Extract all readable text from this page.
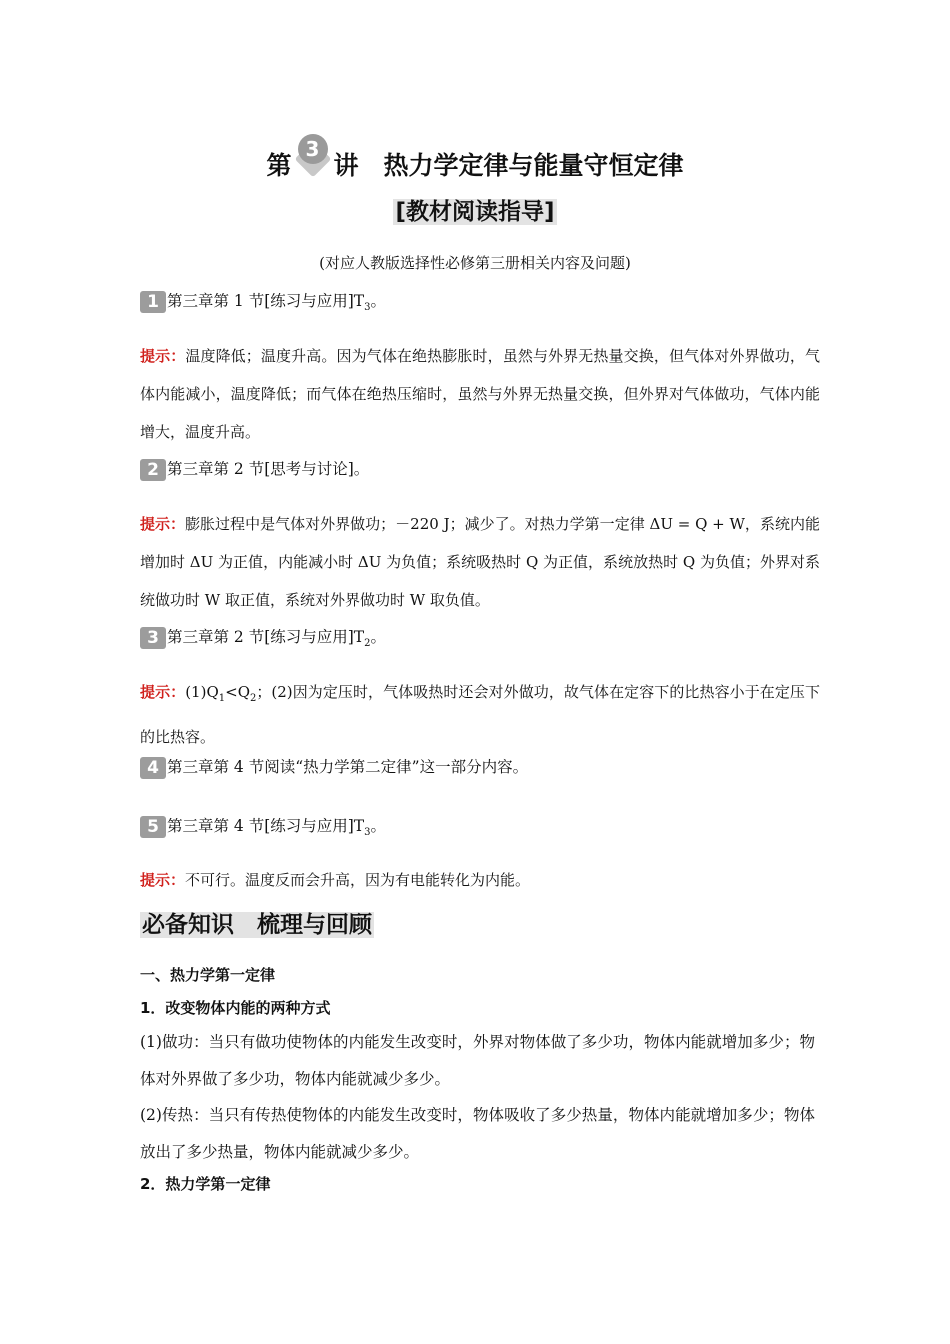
第
3
讲　热力学定律与能量守恒定律
[教材阅读指导]
(对应人教版选择性必修第三册相关内容及问题)
1 第三章第 1 节[练习与应用]$T_3$。
提示：温度降低；温度升高。因为气体在绝热膨胀时，虽然与外界无热量交换，但气体对外界做功，气体内能减小，温度降低；而气体在绝热压缩时，虽然与外界无热量交换，但外界对气体做功，气体内能增大，温度升高。
2 第三章第 2 节[思考与讨论]。
提示：膨胀过程中是气体对外界做功；－220 J；减少了。对热力学第一定律 ΔU = Q + W，系统内能增加时 ΔU 为正值，内能减小时 ΔU 为负值；系统吸热时 Q 为正值，系统放热时 Q 为负值；外界对系统做功时 W 取正值，系统对外界做功时 W 取负值。
3 第三章第 2 节[练习与应用]$T_2$。
提示：$(1)Q_1<Q_2$；(2)因为定压时，气体吸热时还会对外做功，故气体在定容下的比热容小于在定压下的比热容。
4 第三章第 4 节阅读“热力学第二定律”这一部分内容。
5 第三章第 4 节[练习与应用]$T_3$。
提示：不可行。温度反而会升高，因为有电能转化为内能。
必备知识　梳理与回顾
一、热力学第一定律
1．改变物体内能的两种方式
(1)做功：当只有做功使物体的内能发生改变时，外界对物体做了多少功，物体内能就增加多少；物体对外界做了多少功，物体内能就减少多少。
(2)传热：当只有传热使物体的内能发生改变时，物体吸收了多少热量，物体内能就增加多少；物体放出了多少热量，物体内能就减少多少。
2．热力学第一定律
